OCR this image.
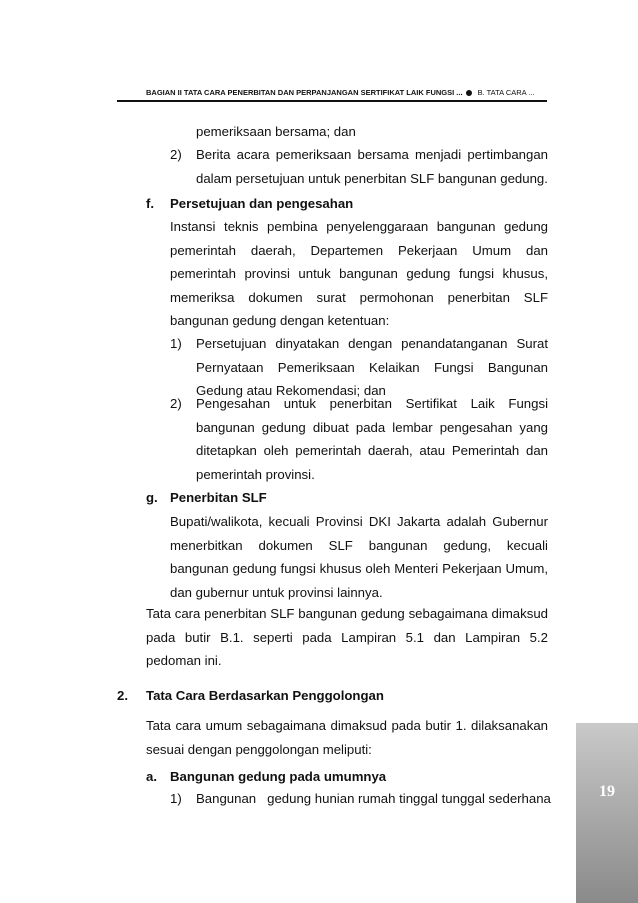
BAGIAN II TATA CARA PENERBITAN DAN PERPANJANGAN SERTIFIKAT LAIK FUNGSI ... B. TATA CARA ...
pemeriksaan bersama; dan
2) Berita acara pemeriksaan bersama menjadi pertimbangan dalam persetujuan untuk penerbitan SLF bangunan gedung.
f. Persetujuan dan pengesahan
Instansi teknis pembina penyelenggaraan bangunan gedung pemerintah daerah, Departemen Pekerjaan Umum dan pemerintah provinsi untuk bangunan gedung fungsi khusus, memeriksa dokumen surat permohonan penerbitan SLF bangunan gedung dengan ketentuan:
1) Persetujuan dinyatakan dengan penandatanganan Surat Pernyataan Pemeriksaan Kelaikan Fungsi Bangunan Gedung atau Rekomendasi; dan
2) Pengesahan untuk penerbitan Sertifikat Laik Fungsi bangunan gedung dibuat pada lembar pengesahan yang ditetapkan oleh pemerintah daerah, atau Pemerintah dan pemerintah provinsi.
g. Penerbitan SLF
Bupati/walikota, kecuali Provinsi DKI Jakarta adalah Gubernur menerbitkan dokumen SLF bangunan gedung, kecuali bangunan gedung fungsi khusus oleh Menteri Pekerjaan Umum, dan gubernur untuk provinsi lainnya.
Tata cara penerbitan SLF bangunan gedung sebagaimana dimaksud pada butir B.1. seperti pada Lampiran 5.1 dan Lampiran 5.2 pedoman ini.
2. Tata Cara Berdasarkan Penggolongan
Tata cara umum sebagaimana dimaksud pada butir 1. dilaksanakan sesuai dengan penggolongan meliputi:
a. Bangunan gedung pada umumnya
1) Bangunan   gedung hunian rumah tinggal tunggal sederhana	19
